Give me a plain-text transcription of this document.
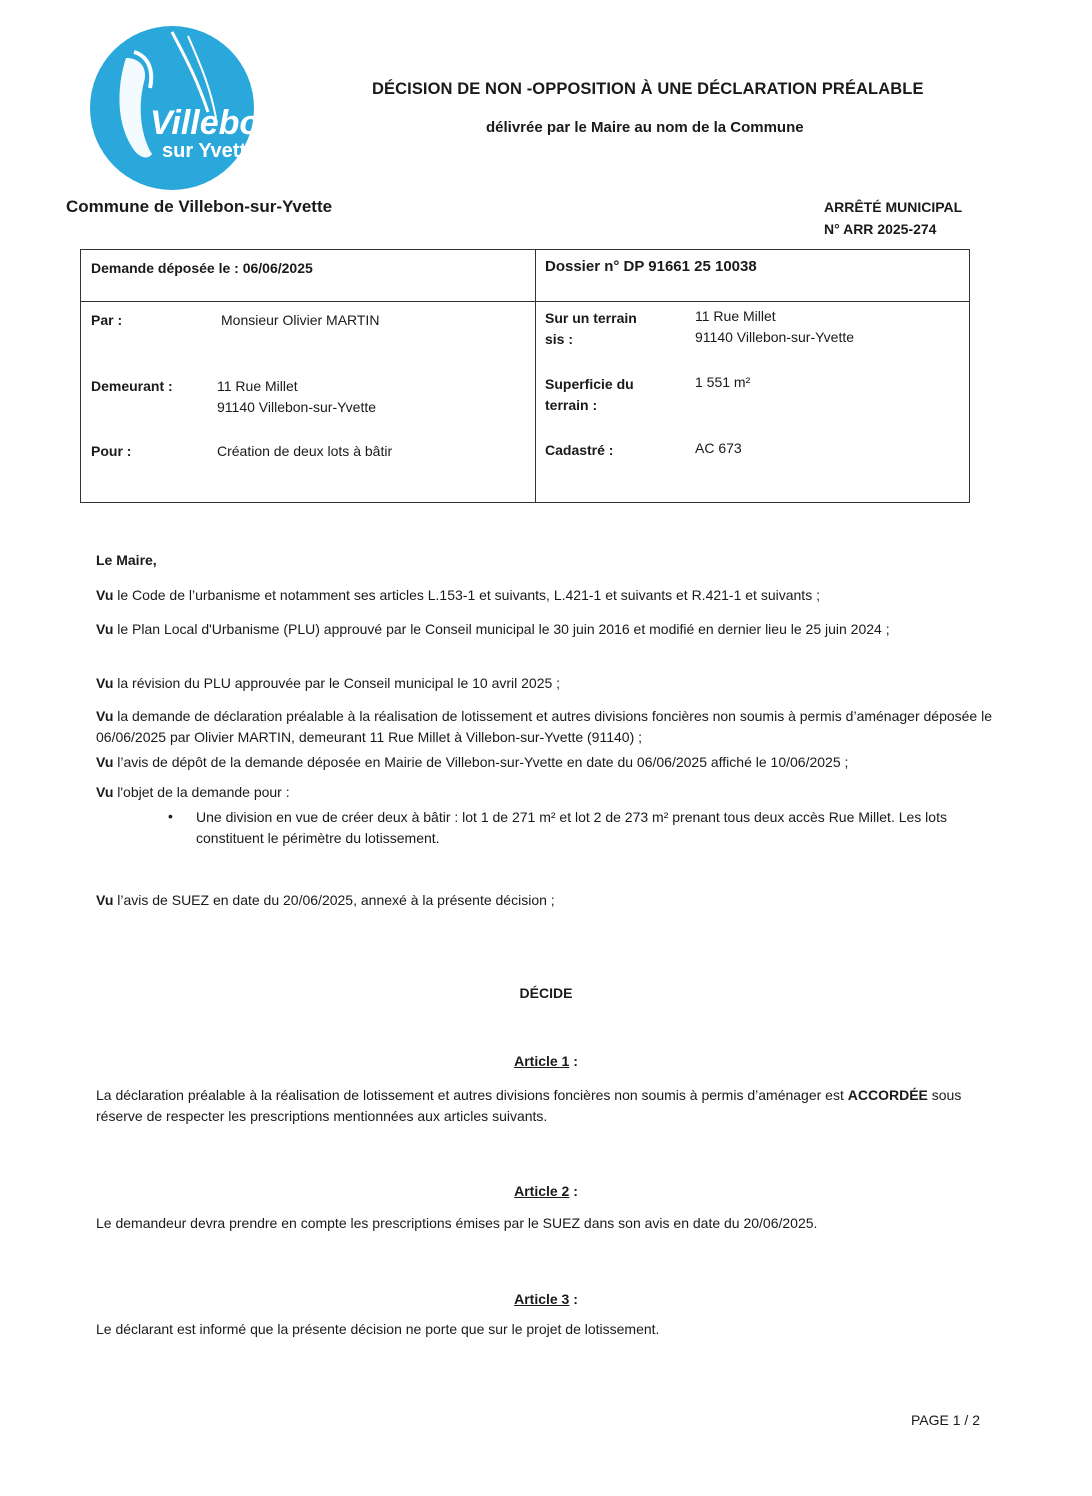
Villebon
sur Yvette
DÉCISION DE NON -OPPOSITION À UNE DÉCLARATION PRÉALABLE
délivrée par le Maire au nom de la Commune
Commune de Villebon-sur-Yvette	ARRÊTÉ MUNICIPAL
N° ARR 2025-274
Demande déposée le : 06/06/2025	Dossier n° DP 91661 25 10038
Par :	Monsieur Olivier MARTIN
Demeurant :	11 Rue Millet
91140 Villebon-sur-Yvette
Pour :	Création de deux lots à bâtir
Sur un terrain
sis :
11 Rue Millet
91140 Villebon-sur-Yvette
Superficie du
terrain :
1 551 m²
Cadastré :	AC 673
Le Maire,
Vu le Code de l’urbanisme et notamment ses articles L.153-1 et suivants, L.421-1 et suivants et R.421-1 et suivants ;
Vu le Plan Local d'Urbanisme (PLU) approuvé par le Conseil municipal le 30 juin 2016 et modifié en dernier lieu le 25 juin 2024 ;
Vu la révision du PLU approuvée par le Conseil municipal le 10 avril 2025 ;
Vu la demande de déclaration préalable à la réalisation de lotissement et autres divisions foncières non soumis à permis d’aménager déposée le 06/06/2025 par Olivier MARTIN, demeurant 11 Rue Millet à Villebon-sur-Yvette (91140) ;
Vu l’avis de dépôt de la demande déposée en Mairie de Villebon-sur-Yvette en date du 06/06/2025 affiché le 10/06/2025 ;
Vu l'objet de la demande pour :
• Une division en vue de créer deux à bâtir : lot 1 de 271 m² et lot 2 de 273 m² prenant tous deux accès Rue Millet. Les lots constituent le périmètre du lotissement.
Vu l’avis de SUEZ en date du 20/06/2025, annexé à la présente décision ;
DÉCIDE
Article 1 :
La déclaration préalable à la réalisation de lotissement et autres divisions foncières non soumis à permis d’aménager est ACCORDÉE sous réserve de respecter les prescriptions mentionnées aux articles suivants.
Article 2 :
Le demandeur devra prendre en compte les prescriptions émises par le SUEZ dans son avis en date du 20/06/2025.
Article 3 :
Le déclarant est informé que la présente décision ne porte que sur le projet de lotissement.
PAGE 1 / 2
